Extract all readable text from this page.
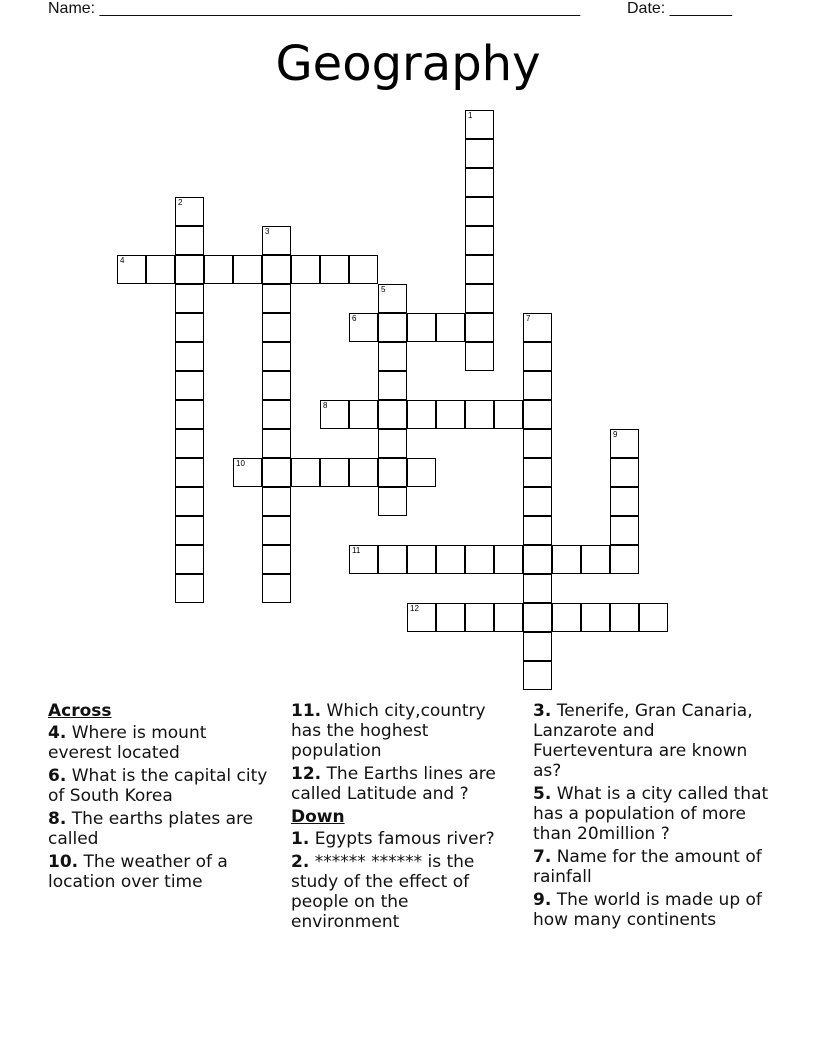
Name: ______________________________________________________	Date: _______
Geography
1
2
3
4
5
6	7
8
9
10
11
12
Across
4. Where is mount everest located
6. What is the capital city of South Korea
8. The earths plates are called
10. The weather of a location over time
11. Which city,country has the hoghest population
12. The Earths lines are called Latitude and ?
Down
1. Egypts famous river?
2. ****** ****** is the study of the effect of people on the environment
3. Tenerife, Gran Canaria, Lanzarote and Fuerteventura are known as?
5. What is a city called that has a population of more than 20million ?
7. Name for the amount of rainfall
9. The world is made up of how many continents
